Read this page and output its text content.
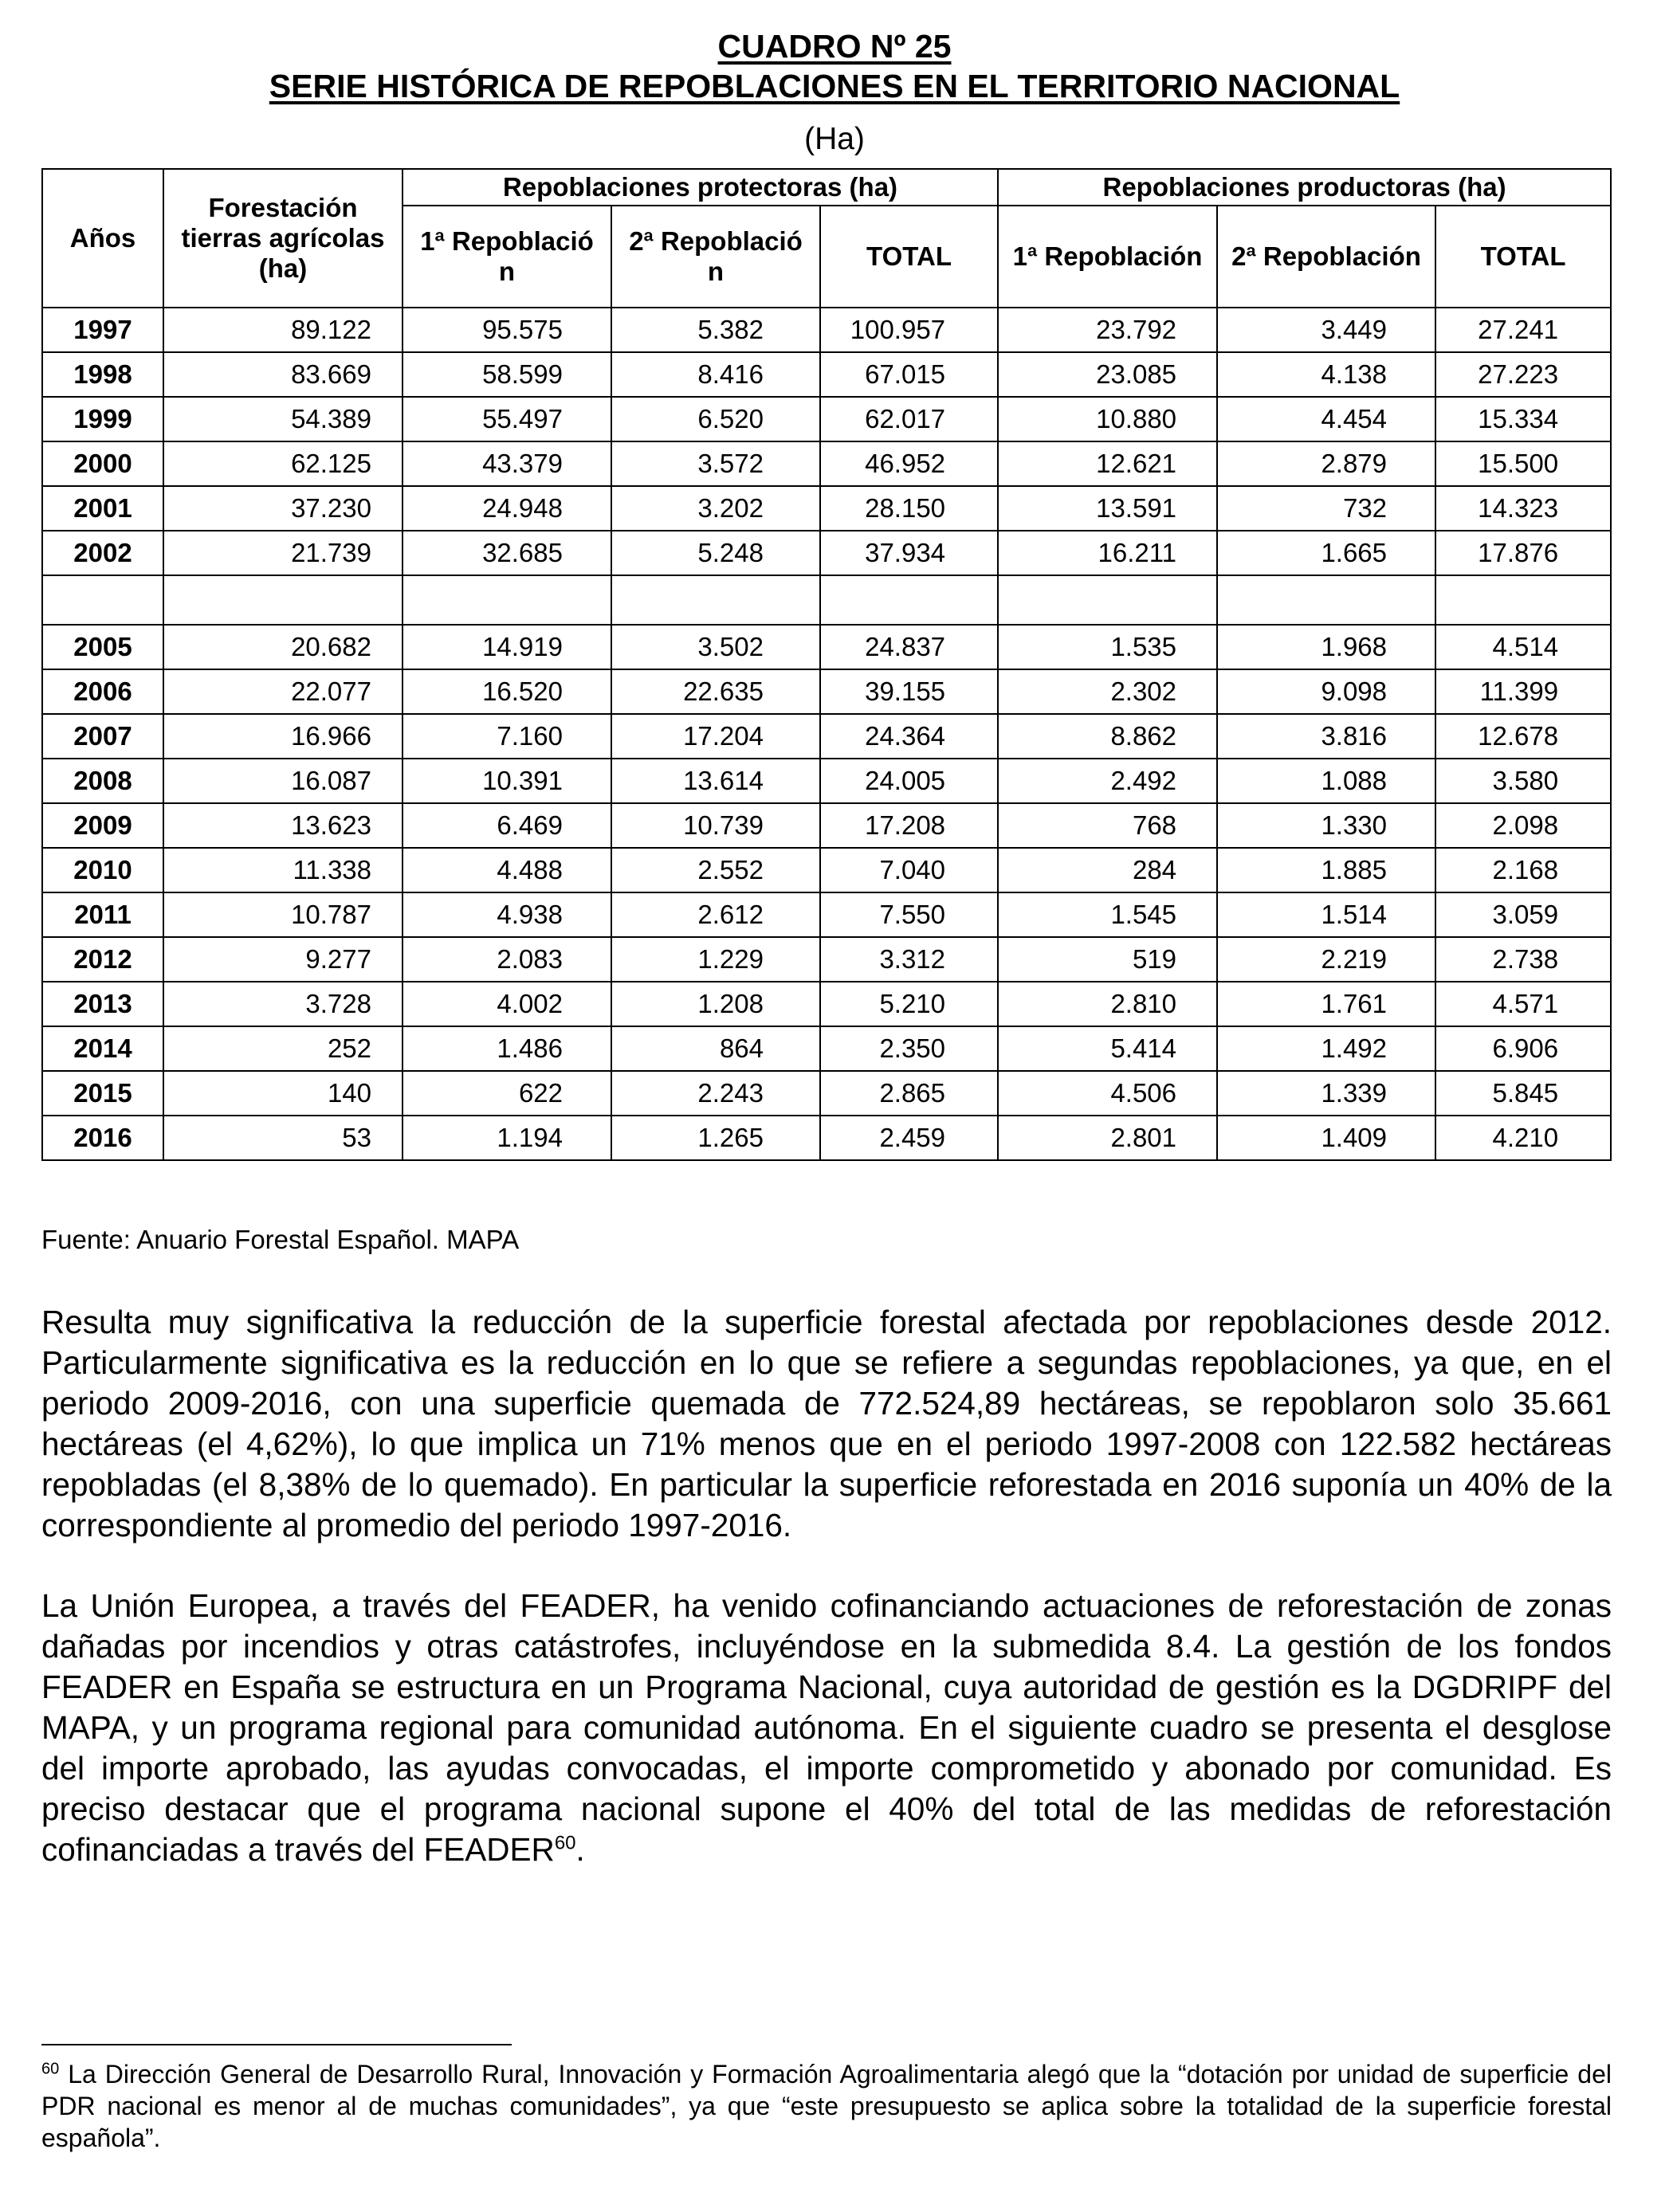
CUADRO Nº 25
SERIE HISTÓRICA DE REPOBLACIONES EN EL TERRITORIO NACIONAL
(Ha)
Años	Forestación tierras agrícolas (ha)	Repoblaciones protectoras (ha)			Repoblaciones productoras (ha)		
		1ª Repoblació n	2ª Repoblació n	TOTAL	1ª Repoblación	2ª Repoblación	TOTAL
1997	89.122	95.575	5.382	100.957	23.792	3.449	27.241
1998	83.669	58.599	8.416	67.015	23.085	4.138	27.223
1999	54.389	55.497	6.520	62.017	10.880	4.454	15.334
2000	62.125	43.379	3.572	46.952	12.621	2.879	15.500
2001	37.230	24.948	3.202	28.150	13.591	732	14.323
2002	21.739	32.685	5.248	37.934	16.211	1.665	17.876

2005	20.682	14.919	3.502	24.837	1.535	1.968	4.514
2006	22.077	16.520	22.635	39.155	2.302	9.098	11.399
2007	16.966	7.160	17.204	24.364	8.862	3.816	12.678
2008	16.087	10.391	13.614	24.005	2.492	1.088	3.580
2009	13.623	6.469	10.739	17.208	768	1.330	2.098
2010	11.338	4.488	2.552	7.040	284	1.885	2.168
2011	10.787	4.938	2.612	7.550	1.545	1.514	3.059
2012	9.277	2.083	1.229	3.312	519	2.219	2.738
2013	3.728	4.002	1.208	5.210	2.810	1.761	4.571
2014	252	1.486	864	2.350	5.414	1.492	6.906
2015	140	622	2.243	2.865	4.506	1.339	5.845
2016	53	1.194	1.265	2.459	2.801	1.409	4.210
Fuente: Anuario Forestal Español. MAPA

Resulta muy significativa la reducción de la superficie forestal afectada por repoblaciones desde 2012. Particularmente significativa es la reducción en lo que se refiere a segundas repoblaciones, ya que, en el periodo 2009-2016, con una superficie quemada de 772.524,89 hectáreas, se repoblaron solo 35.661 hectáreas (el 4,62%), lo que implica un 71% menos que en el periodo 1997-2008 con 122.582 hectáreas repobladas (el 8,38% de lo quemado). En particular la superficie reforestada en 2016 suponía un 40% de la correspondiente al promedio del periodo 1997-2016.

La Unión Europea, a través del FEADER, ha venido cofinanciando actuaciones de reforestación de zonas dañadas por incendios y otras catástrofes, incluyéndose en la submedida 8.4. La gestión de los fondos FEADER en España se estructura en un Programa Nacional, cuya autoridad de gestión es la DGDRIPF del MAPA, y un programa regional para comunidad autónoma. En el siguiente cuadro se presenta el desglose del importe aprobado, las ayudas convocadas, el importe comprometido y abonado por comunidad. Es preciso destacar que el programa nacional supone el 40% del total de las medidas de reforestación cofinanciadas a través del FEADER$^{60}$.

$^{60}$ La Dirección General de Desarrollo Rural, Innovación y Formación Agroalimentaria alegó que la “dotación por unidad de superficie del PDR nacional es menor al de muchas comunidades”, ya que “este presupuesto se aplica sobre la totalidad de la superficie forestal española”.
